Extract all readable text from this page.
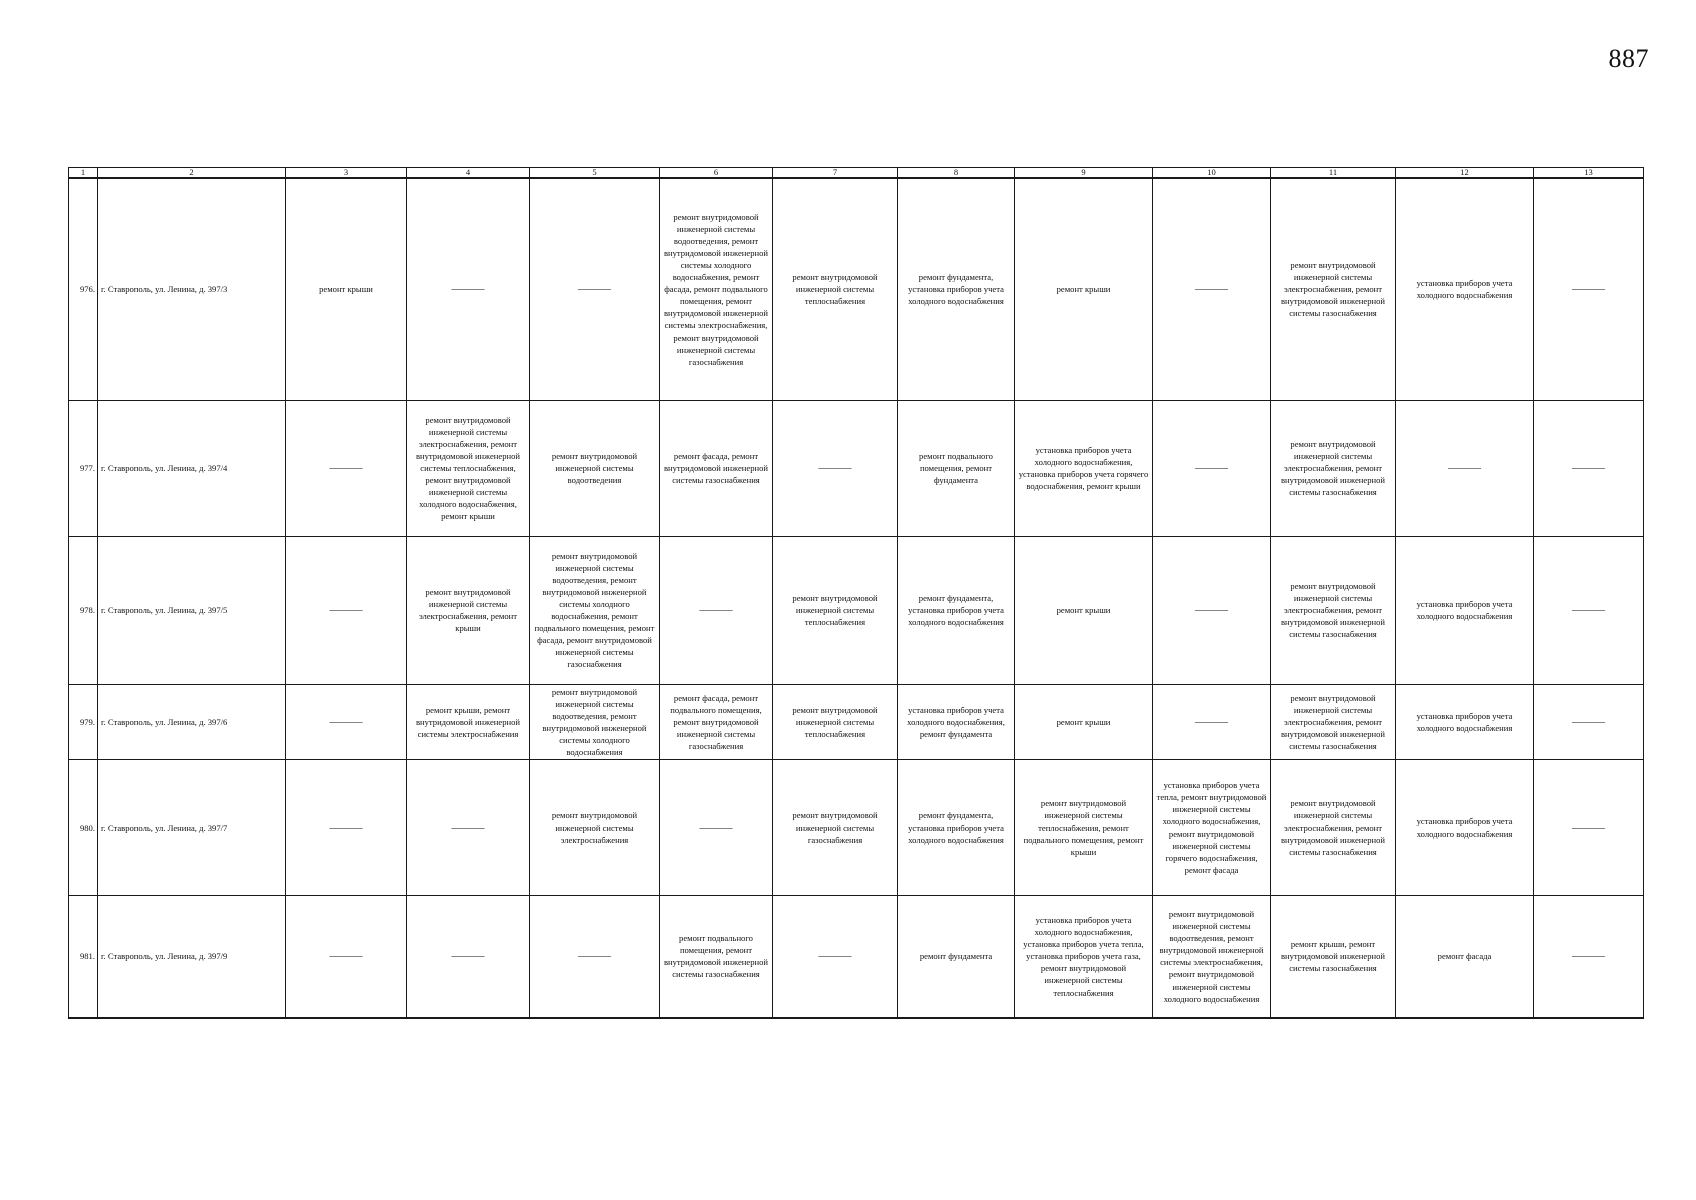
887
1	2	3	4	5	6	7	8	9	10	11	12	13
976.	г. Ставрополь, ул. Ленина, д. 397/3	ремонт крыши	———	———	ремонт внутридомовой инженерной системы водоотведения, ремонт внутридомовой инженерной системы холодного водоснабжения, ремонт фасада, ремонт подвального помещения, ремонт внутридомовой инженерной системы электроснабжения, ремонт внутридомовой инженерной системы газоснабжения	ремонт внутридомовой инженерной системы теплоснабжения	ремонт фундамента, установка приборов учета холодного водоснабжения	ремонт крыши	———	ремонт внутридомовой инженерной системы электроснабжения, ремонт внутридомовой инженерной системы газоснабжения	установка приборов учета холодного водоснабжения	———
977.	г. Ставрополь, ул. Ленина, д. 397/4	———	ремонт внутридомовой инженерной системы электроснабжения, ремонт внутридомовой инженерной системы теплоснабжения, ремонт внутридомовой инженерной системы холодного водоснабжения, ремонт крыши	ремонт внутридомовой инженерной системы водоотведения	ремонт фасада, ремонт внутридомовой инженерной системы газоснабжения	———	ремонт подвального помещения, ремонт фундамента	установка приборов учета холодного водоснабжения, установка приборов учета горячего водоснабжения, ремонт крыши	———	ремонт внутридомовой инженерной системы электроснабжения, ремонт внутридомовой инженерной системы газоснабжения	———	———
978.	г. Ставрополь, ул. Ленина, д. 397/5	———	ремонт внутридомовой инженерной системы электроснабжения, ремонт крыши	ремонт внутридомовой инженерной системы водоотведения, ремонт внутридомовой инженерной системы холодного водоснабжения, ремонт подвального помещения, ремонт фасада, ремонт внутридомовой инженерной системы газоснабжения	———	ремонт внутридомовой инженерной системы теплоснабжения	ремонт фундамента, установка приборов учета холодного водоснабжения	ремонт крыши	———	ремонт внутридомовой инженерной системы электроснабжения, ремонт внутридомовой инженерной системы газоснабжения	установка приборов учета холодного водоснабжения	———
979.	г. Ставрополь, ул. Ленина, д. 397/6	———	ремонт крыши, ремонт внутридомовой инженерной системы электроснабжения	ремонт внутридомовой инженерной системы водоотведения, ремонт внутридомовой инженерной системы холодного водоснабжения	ремонт фасада, ремонт подвального помещения, ремонт внутридомовой инженерной системы газоснабжения	ремонт внутридомовой инженерной системы теплоснабжения	установка приборов учета холодного водоснабжения, ремонт фундамента	ремонт крыши	———	ремонт внутридомовой инженерной системы электроснабжения, ремонт внутридомовой инженерной системы газоснабжения	установка приборов учета холодного водоснабжения	———
980.	г. Ставрополь, ул. Ленина, д. 397/7	———	———	ремонт внутридомовой инженерной системы электроснабжения	———	ремонт внутридомовой инженерной системы газоснабжения	ремонт фундамента, установка приборов учета холодного водоснабжения	ремонт внутридомовой инженерной системы теплоснабжения, ремонт подвального помещения, ремонт крыши	установка приборов учета тепла, ремонт внутридомовой инженерной системы холодного водоснабжения, ремонт внутридомовой инженерной системы горячего водоснабжения, ремонт фасада	ремонт внутридомовой инженерной системы электроснабжения, ремонт внутридомовой инженерной системы газоснабжения	установка приборов учета холодного водоснабжения	———
981.	г. Ставрополь, ул. Ленина, д. 397/9	———	———	———	ремонт подвального помещения, ремонт внутридомовой инженерной системы газоснабжения	———	ремонт фундамента	установка приборов учета холодного водоснабжения, установка приборов учета тепла, установка приборов учета газа, ремонт внутридомовой инженерной системы теплоснабжения	ремонт внутридомовой инженерной системы водоотведения, ремонт внутридомовой инженерной системы электроснабжения, ремонт внутридомовой инженерной системы холодного водоснабжения	ремонт крыши, ремонт внутридомовой инженерной системы газоснабжения	ремонт фасада	———
